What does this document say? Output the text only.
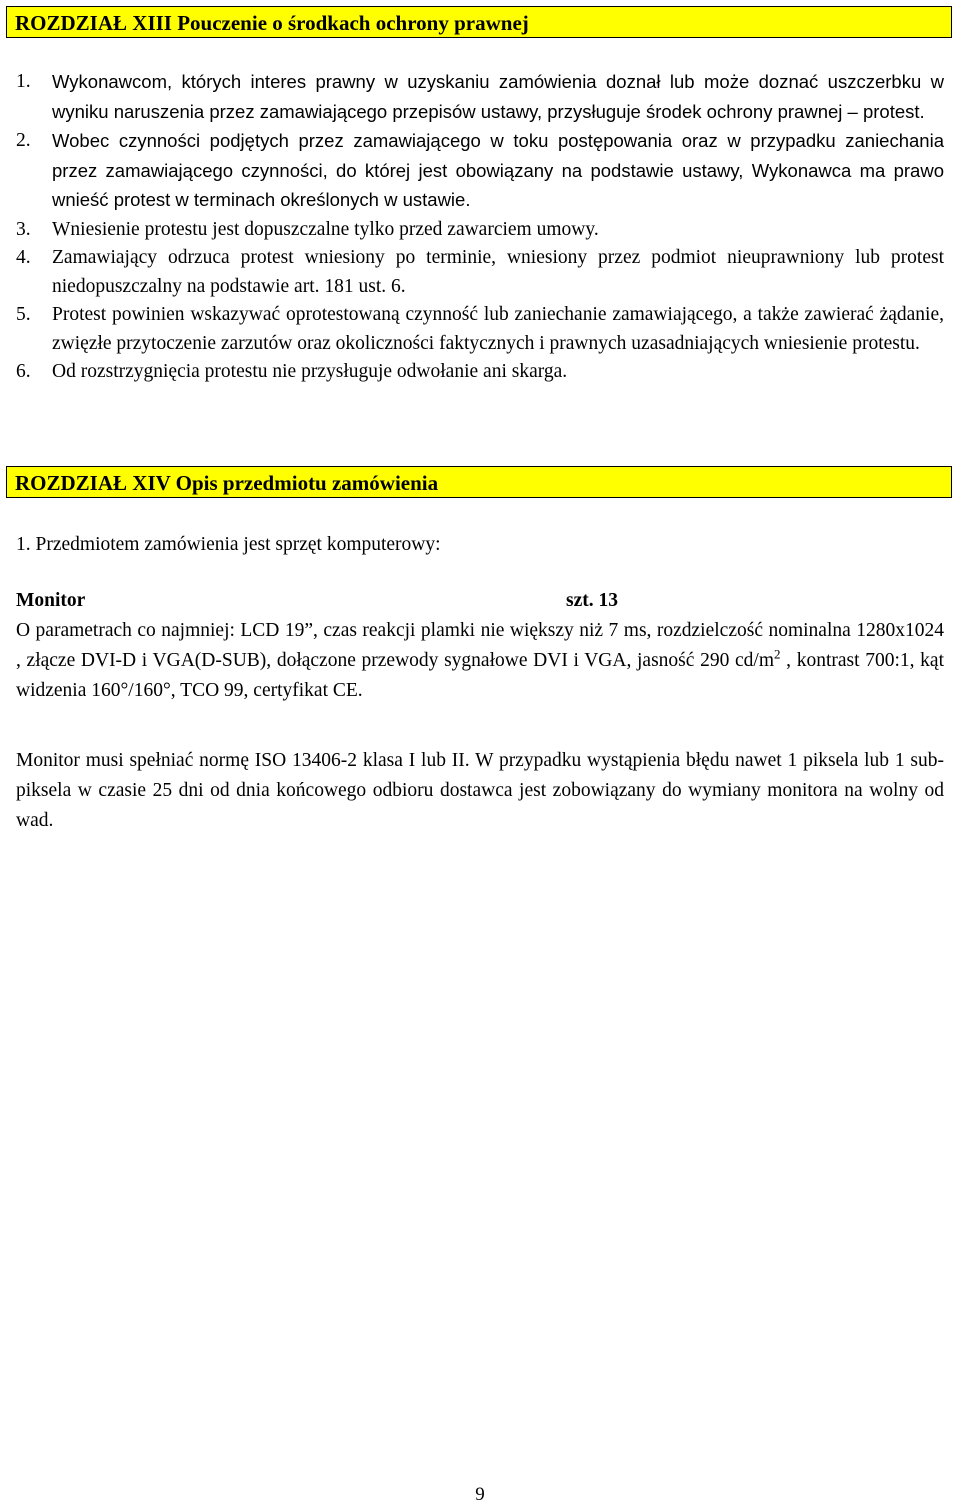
ROZDZIAŁ XIII Pouczenie o środkach ochrony prawnej
1. Wykonawcom, których interes prawny w uzyskaniu zamówienia doznał lub może doznać uszczerbku w wyniku naruszenia przez zamawiającego przepisów ustawy, przysługuje środek ochrony prawnej – protest.
2. Wobec czynności podjętych przez zamawiającego w toku postępowania oraz w przypadku zaniechania przez zamawiającego czynności, do której jest obowiązany na podstawie ustawy, Wykonawca ma prawo wnieść protest w terminach określonych w ustawie.
3. Wniesienie protestu jest dopuszczalne tylko przed zawarciem umowy.
4. Zamawiający odrzuca protest wniesiony po terminie, wniesiony przez podmiot nieuprawniony lub protest niedopuszczalny na podstawie art. 181 ust. 6.
5. Protest powinien wskazywać oprotestowaną czynność lub zaniechanie zamawiającego, a także zawierać żądanie, zwięzłe przytoczenie zarzutów oraz okoliczności faktycznych i prawnych uzasadniających wniesienie protestu.
6. Od rozstrzygnięcia protestu nie przysługuje odwołanie ani skarga.
ROZDZIAŁ XIV Opis przedmiotu zamówienia

1. Przedmiotem zamówienia jest sprzęt komputerowy:

Monitor	szt. 13

O parametrach co najmniej: LCD 19”, czas reakcji plamki nie większy niż 7 ms, rozdzielczość nominalna 1280x1024 , złącze DVI-D i VGA(D-SUB), dołączone przewody sygnałowe DVI i VGA, jasność 290 $cd/m^2$ , kontrast 700:1, kąt widzenia 160°/160°, TCO 99, certyfikat CE.

Monitor musi spełniać normę ISO 13406-2 klasa I lub II. W przypadku wystąpienia błędu nawet 1 piksela lub 1 sub-piksela w czasie 25 dni od dnia końcowego odbioru dostawca jest zobowiązany do wymiany monitora na wolny od wad.

9
